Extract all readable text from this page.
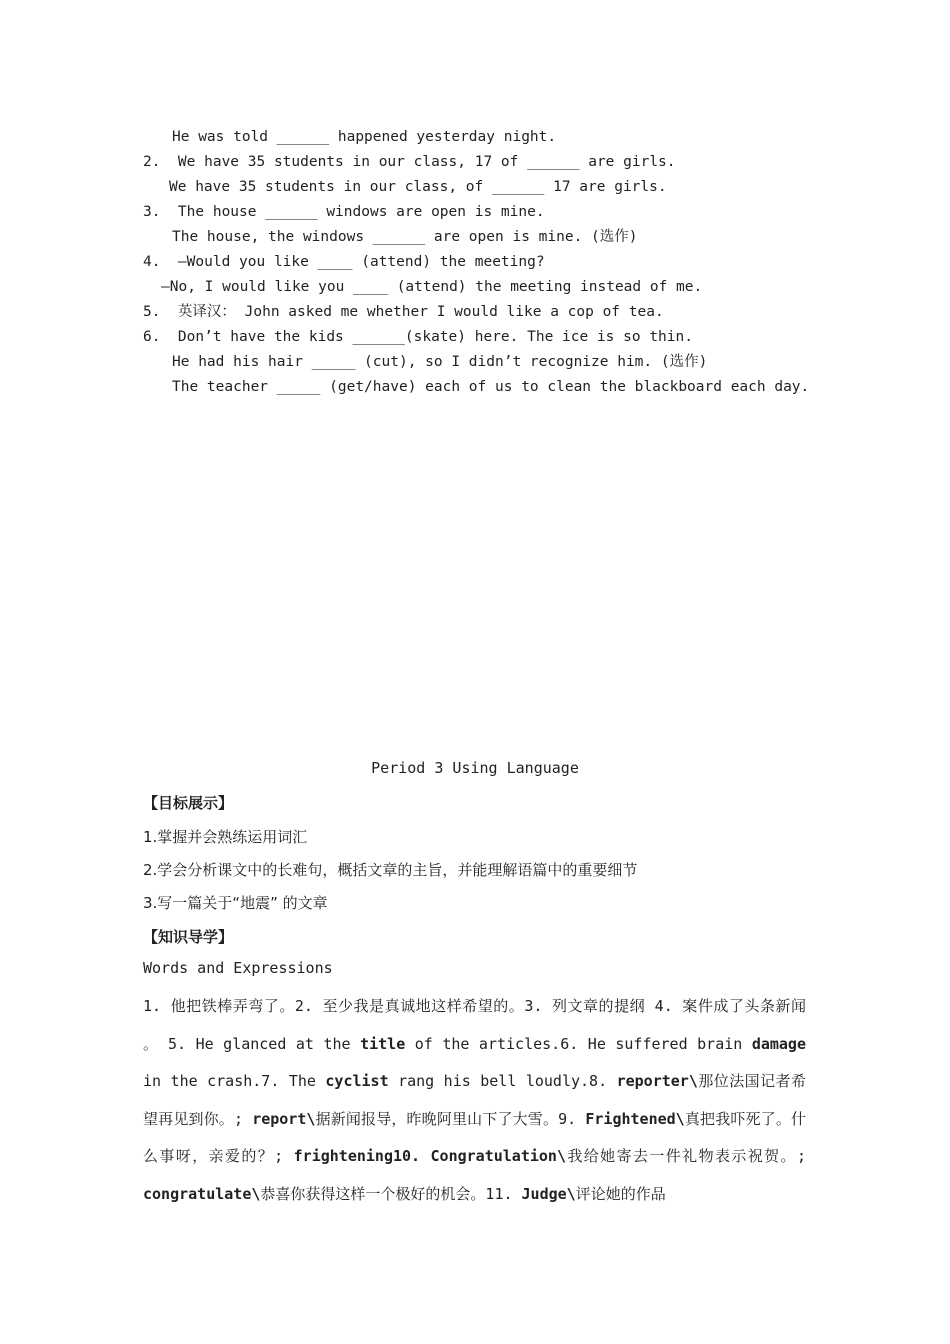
He was told ______ happened yesterday night.
2.  We have 35 students in our class, 17 of ______ are girls.
We have 35 students in our class, of ______ 17 are girls.
3.  The house ______ windows are open is mine.
The house, the windows ______ are open is mine. (选作)
4.  —Would you like ____ (attend) the meeting?
—No, I would like you ____ (attend) the meeting instead of me.
5.  英译汉： John asked me whether I would like a cop of tea.
6.  Don’t have the kids ______(skate) here. The ice is so thin.
He had his hair _____ (cut), so I didn’t recognize him. (选作)
The teacher _____ (get/have) each of us to clean the blackboard each day.
Period 3 Using Language
【目标展示】
1.掌握并会熟练运用词汇
2.学会分析课文中的长难句，概括文章的主旨，并能理解语篇中的重要细节
3.写一篇关于“地震” 的文章
【知识导学】
Words and Expressions
1. 他把铁棒弄弯了。2. 至少我是真诚地这样希望的。3. 列文章的提纲 4. 案件成了头条新闻 。 5. He glanced at the title of the articles.6. He suffered brain damage in the crash.7. The cyclist rang his bell loudly.8. reporter\那位法国记者希望再见到你。; report\据新闻报导，昨晚阿里山下了大雪。9. Frightened\真把我吓死了。什么事呀，亲爱的？; frightening10. Congratulation\我给她寄去一件礼物表示祝贺。; congratulate\恭喜你获得这样一个极好的机会。11. Judge\评论她的作品
